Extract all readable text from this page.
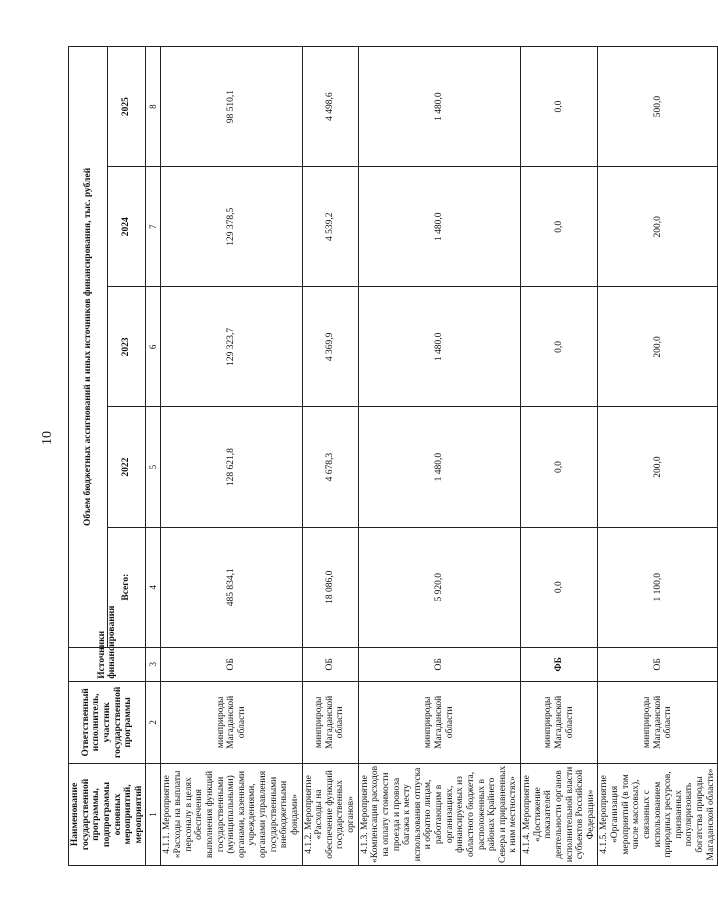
10
Наименование государственной программы, подпрограммы основных мероприятий, мероприятий	Ответственный исполнитель, участник государственной программы	Источники финансирования	Объем бюджетных ассигнований и иных источников финансирования, тыс. рублей				
			Всего:	2022	2023	2024	2025
1	2	3	4	5	6	7	8
4.1.1. Мероприятие «Расходы на выплаты персоналу в целях обеспечения выполнения функций государственными (муниципальными) органами, казенными учреждениями, органами управления государственными внебюджетными фондами»	минприроды Магаданской области	ОБ	485 834,1	128 621,8	129 323,7	129 378,5	98 510,1
4.1.2. Мероприятие «Расходы на обеспечение функций государственных органов»	минприроды Магаданской области	ОБ	18 086,0	4 678,3	4 369,9	4 539,2	4 498,6
4.1.3. Мероприятие «Компенсация расходов на оплату стоимости проезда и провоза багажа к месту использования отпуска и обратно лицам, работающим в организациях, финансируемых из областного бюджета, расположенных в районах Крайнего Севера и приравненных к ним местностях»	минприроды Магаданской области	ОБ	5 920,0	1 480,0	1 480,0	1 480,0	1 480,0
4.1.4. Мероприятие «Достижение показателей деятельности органов исполнительной власти субъектов Российской Федерации»	минприроды Магаданской области	ФБ	0,0	0,0	0,0	0,0	0,0
4.1.5. Мероприятие «Организация мероприятий (в том числе массовых), связанных с использованием природных ресурсов, призванных популяризовать богатства природы Магаданской области»	минприроды Магаданской области	ОБ	1 100,0	200,0	200,0	200,0	500,0
